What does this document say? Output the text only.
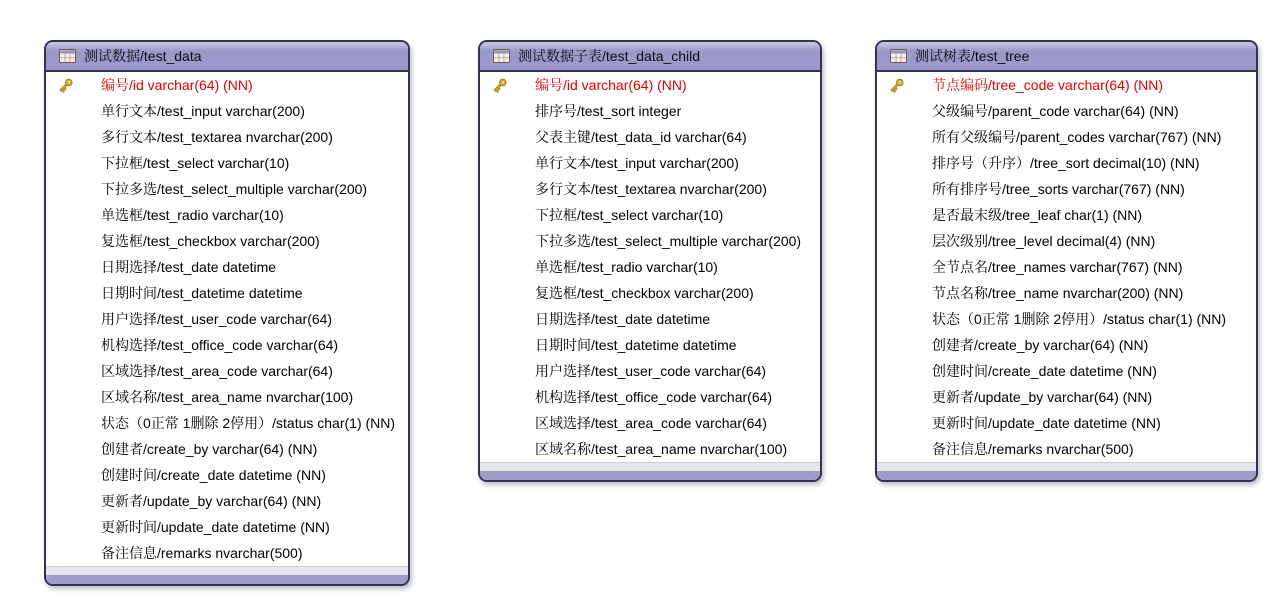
测试数据/test_data
编号/id varchar(64) (NN)
单行文本/test_input varchar(200)
多行文本/test_textarea nvarchar(200)
下拉框/test_select varchar(10)
下拉多选/test_select_multiple varchar(200)
单选框/test_radio varchar(10)
复选框/test_checkbox varchar(200)
日期选择/test_date datetime
日期时间/test_datetime datetime
用户选择/test_user_code varchar(64)
机构选择/test_office_code varchar(64)
区域选择/test_area_code varchar(64)
区域名称/test_area_name nvarchar(100)
状态（0正常 1删除 2停用）/status char(1) (NN)
创建者/create_by varchar(64) (NN)
创建时间/create_date datetime (NN)
更新者/update_by varchar(64) (NN)
更新时间/update_date datetime (NN)
备注信息/remarks nvarchar(500)
测试数据子表/test_data_child
编号/id varchar(64) (NN)
排序号/test_sort integer
父表主键/test_data_id varchar(64)
单行文本/test_input varchar(200)
多行文本/test_textarea nvarchar(200)
下拉框/test_select varchar(10)
下拉多选/test_select_multiple varchar(200)
单选框/test_radio varchar(10)
复选框/test_checkbox varchar(200)
日期选择/test_date datetime
日期时间/test_datetime datetime
用户选择/test_user_code varchar(64)
机构选择/test_office_code varchar(64)
区域选择/test_area_code varchar(64)
区域名称/test_area_name nvarchar(100)
测试树表/test_tree
节点编码/tree_code varchar(64) (NN)
父级编号/parent_code varchar(64) (NN)
所有父级编号/parent_codes varchar(767) (NN)
排序号（升序）/tree_sort decimal(10) (NN)
所有排序号/tree_sorts varchar(767) (NN)
是否最末级/tree_leaf char(1) (NN)
层次级别/tree_level decimal(4) (NN)
全节点名/tree_names varchar(767) (NN)
节点名称/tree_name nvarchar(200) (NN)
状态（0正常 1删除 2停用）/status char(1) (NN)
创建者/create_by varchar(64) (NN)
创建时间/create_date datetime (NN)
更新者/update_by varchar(64) (NN)
更新时间/update_date datetime (NN)
备注信息/remarks nvarchar(500)
